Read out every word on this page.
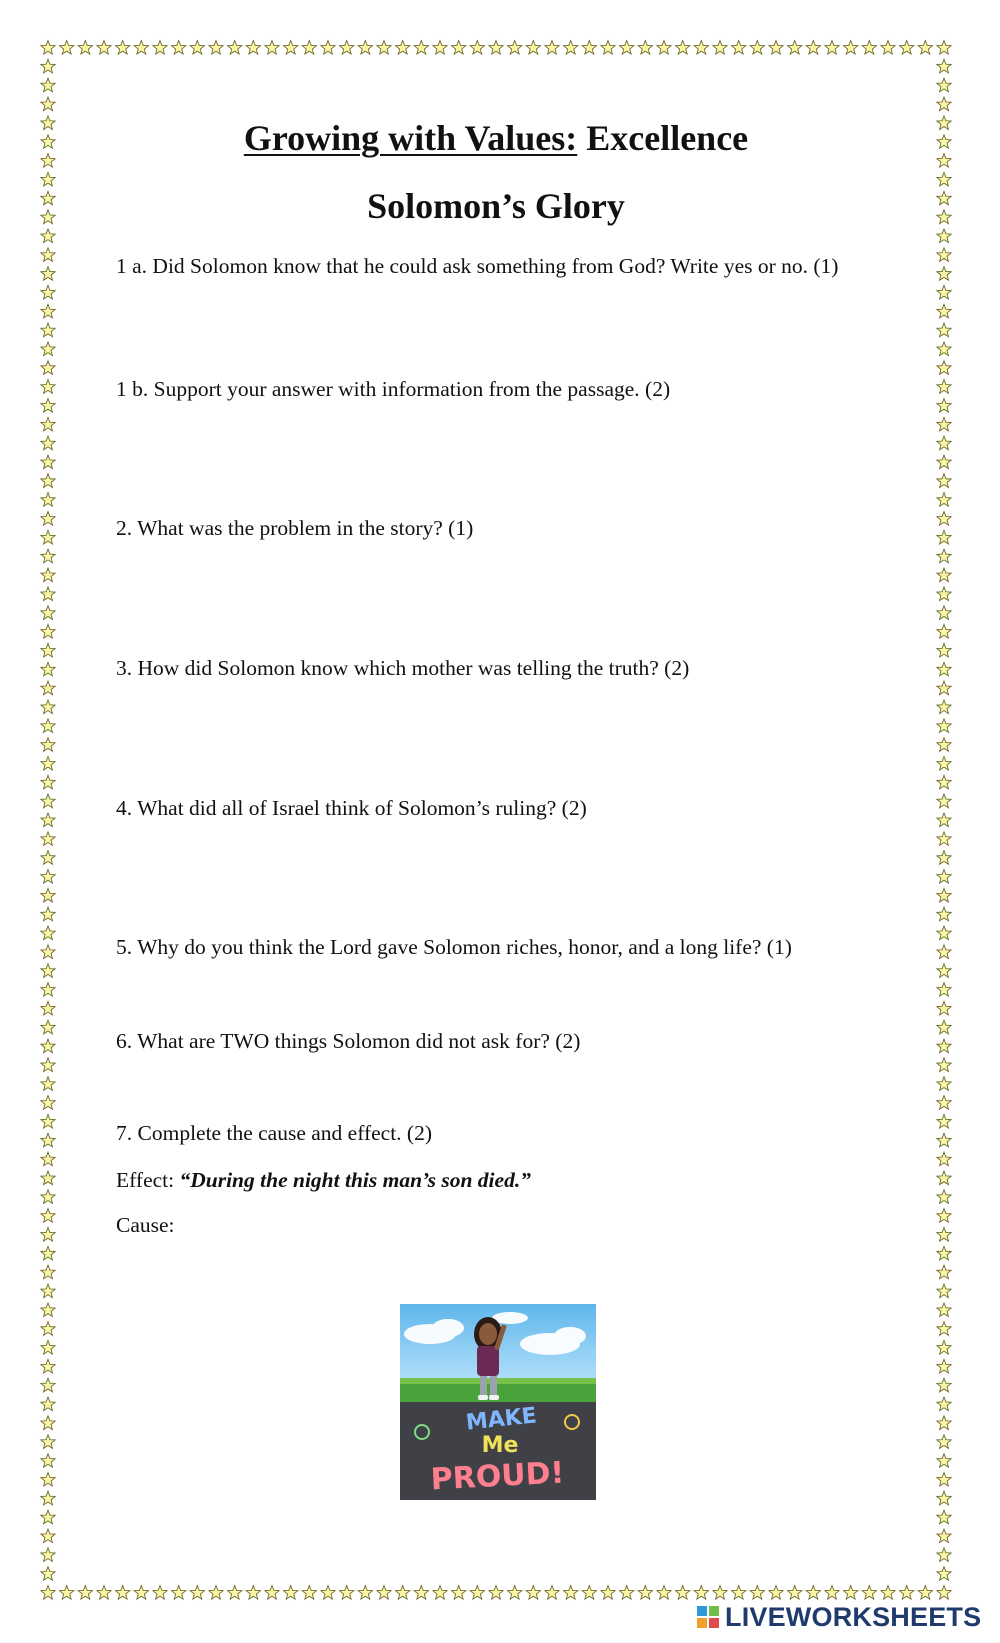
Growing with Values: Excellence
Solomon’s Glory
1 a. Did Solomon know that he could ask something from God? Write yes or no. (1)
1 b. Support your answer with information from the passage. (2)
2. What was the problem in the story? (1)
3. How did Solomon know which mother was telling the truth? (2)
4. What did all of Israel think of Solomon’s ruling? (2)
5. Why do you think the Lord gave Solomon riches, honor, and a long life? (1)
6. What are TWO things Solomon did not ask for? (2)
7. Complete the cause and effect. (2)
Effect: “During the night this man’s son died.”
Cause:
MAKE
Me
PROUD!
LIVEWORKSHEETS
